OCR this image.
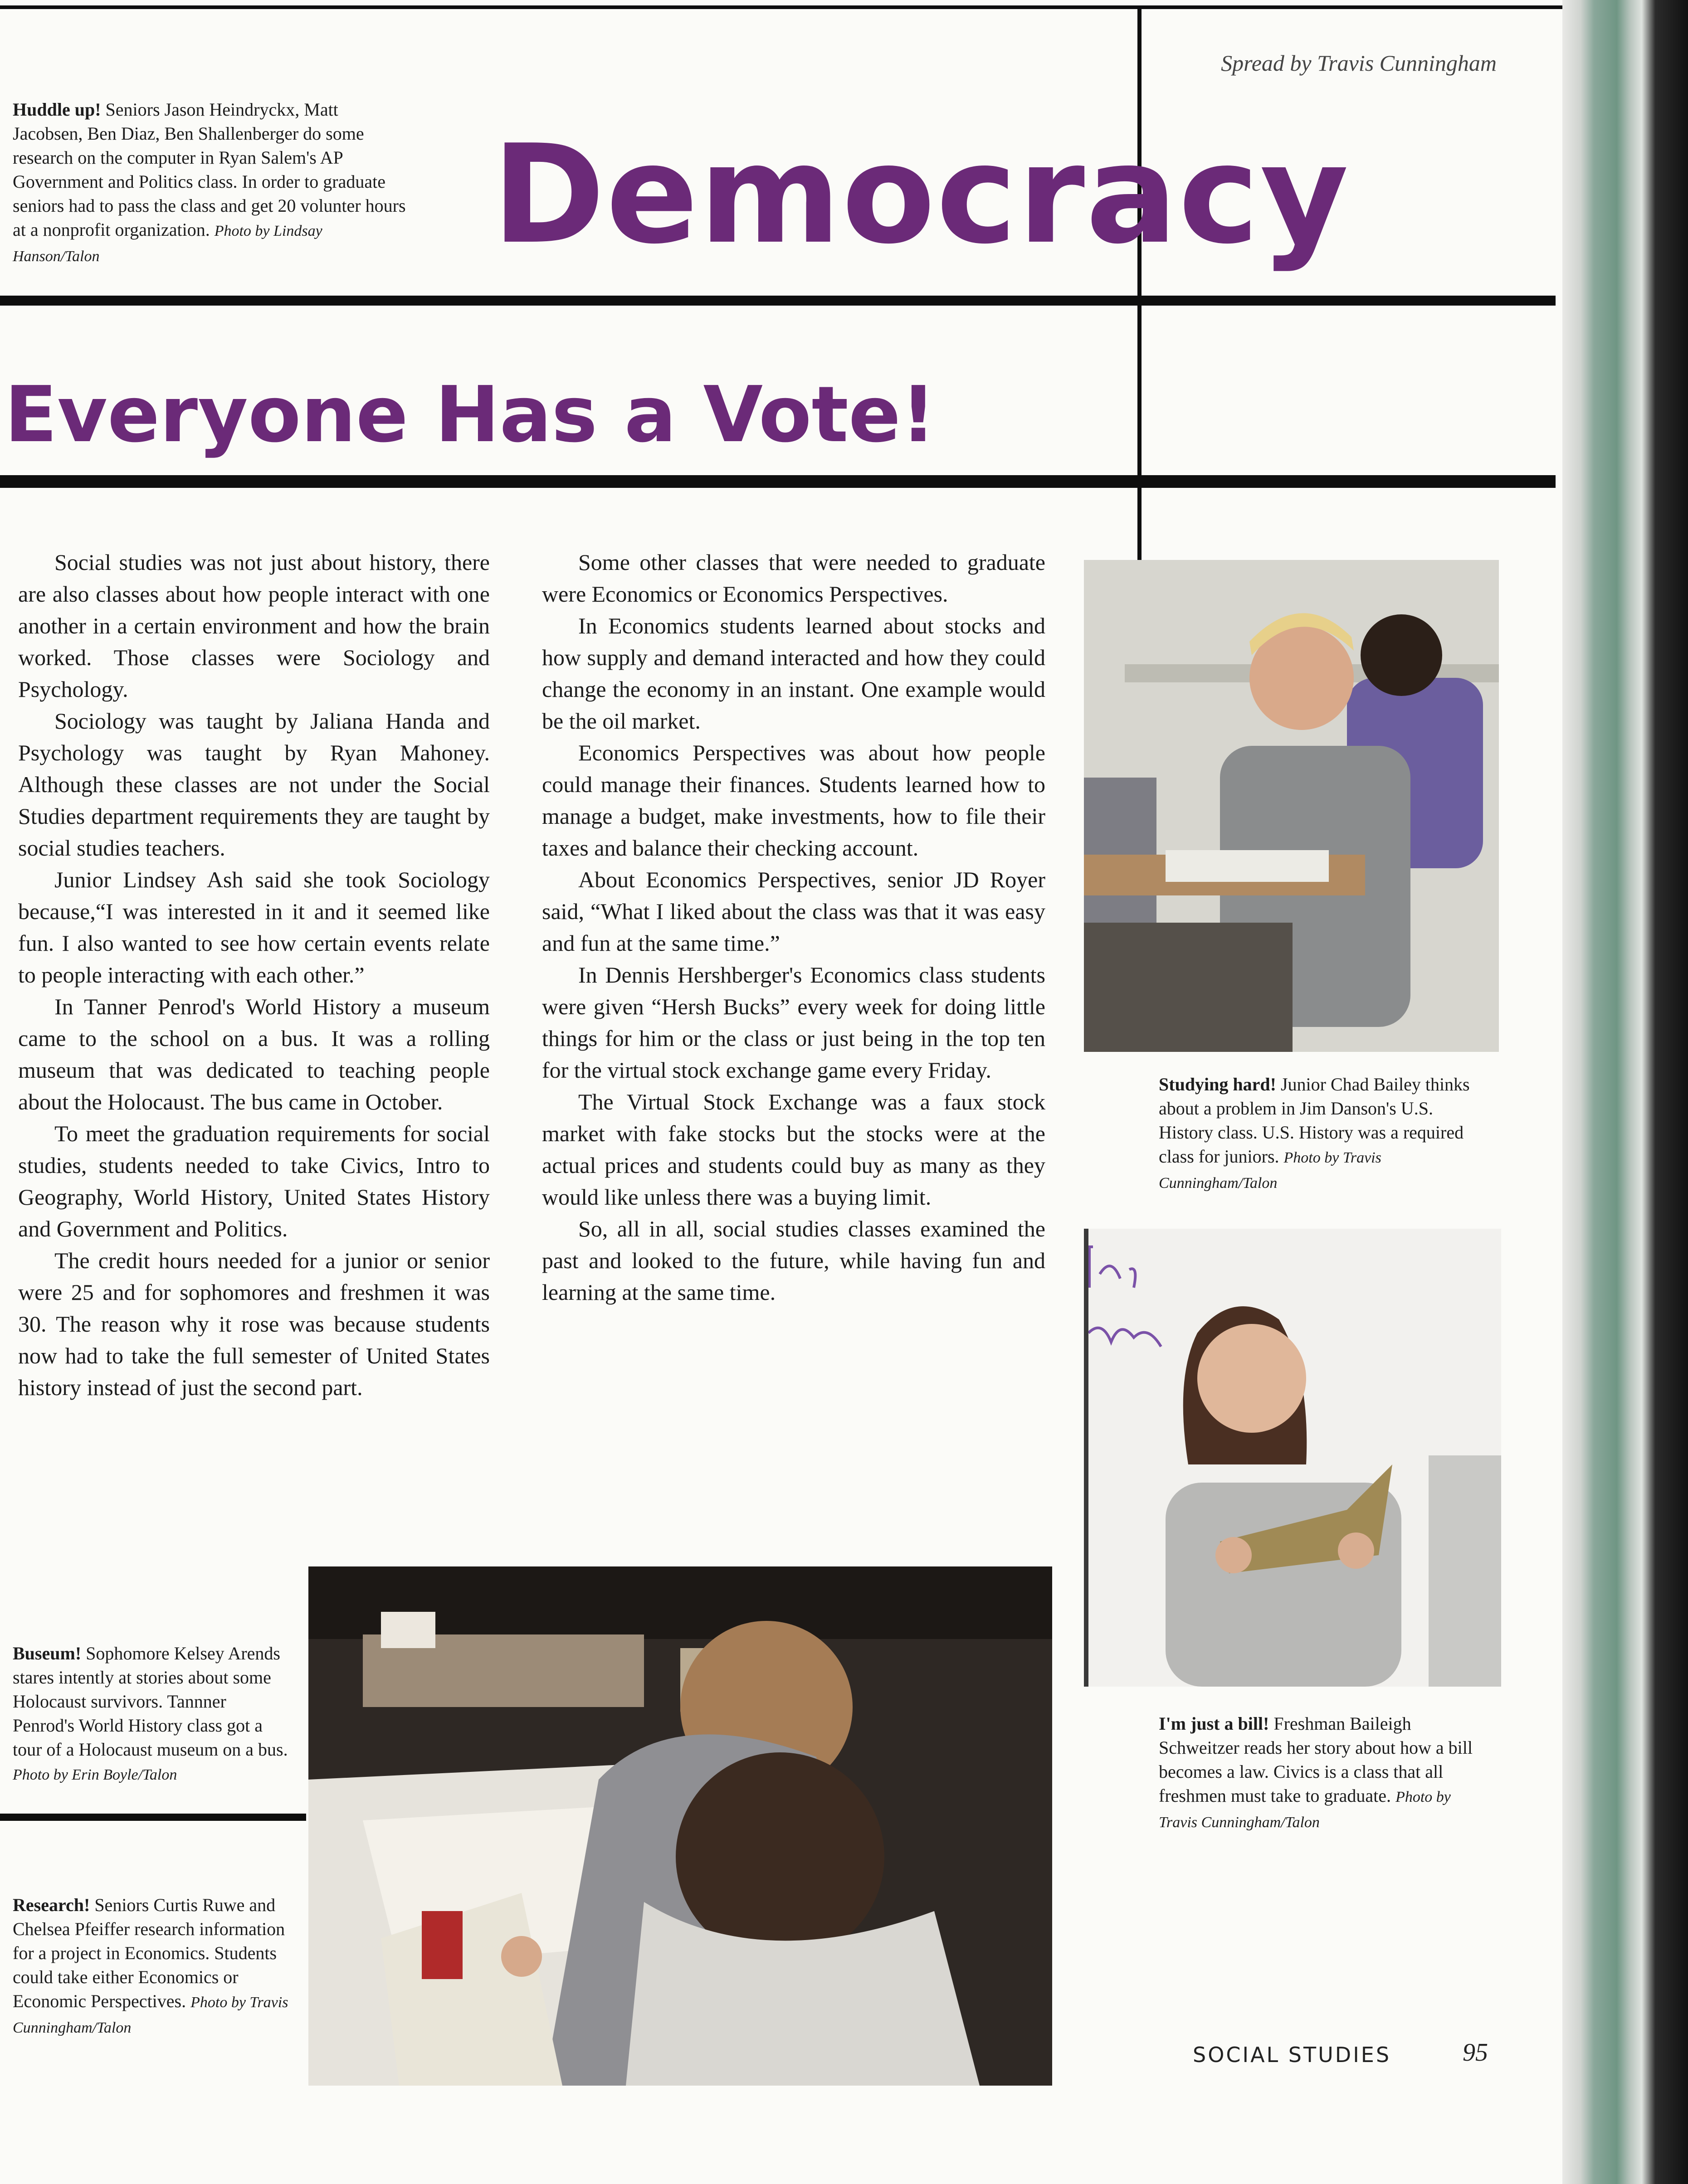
Spread by Travis Cunningham
Democracy
Huddle up! Seniors Jason Heindryckx, Matt Jacobsen, Ben Diaz, Ben Shallenberger do some research on the computer in Ryan Salem's AP Government and Politics class. In order to graduate seniors had to pass the class and get 20 volunter hours at a nonprofit organization. Photo by Lindsay Hanson/Talon
Everyone Has a Vote!

Social studies was not just about history, there are also classes about how people interact with one another in a certain environment and how the brain worked. Those classes were Sociology and Psychology.

Sociology was taught by Jaliana Handa and Psychology was taught by Ryan Mahoney. Although these classes are not under the Social Studies department requirements they are taught by social studies teachers.

Junior Lindsey Ash said she took Sociology because,“I was interested in it and it seemed like fun. I also wanted to see how certain events relate to people interacting with each other.”

In Tanner Penrod's World History a museum came to the school on a bus. It was a rolling museum that was dedicated to teaching people about the Holocaust. The bus came in October.

To meet the graduation requirements for social studies, students needed to take Civics, Intro to Geography, World History, United States History and Government and Politics.

The credit hours needed for a junior or senior were 25 and for sophomores and freshmen it was 30. The reason why it rose was because students now had to take the full semester of United States history instead of just the second part.

Some other classes that were needed to graduate were Economics or Economics Perspectives.

In Economics students learned about stocks and how supply and demand interacted and how they could change the economy in an instant. One example would be the oil market.

Economics Perspectives was about how people could manage their finances. Students learned how to manage a budget, make investments, how to file their taxes and balance their checking account.

About Economics Perspectives, senior JD Royer said, “What I liked about the class was that it was easy and fun at the same time.”

In Dennis Hershberger's Economics class students were given “Hersh Bucks” every week for doing little things for him or the class or just being in the top ten for the virtual stock exchange game every Friday.

The Virtual Stock Exchange was a faux stock market with fake stocks but the stocks were at the actual prices and students could buy as many as they would like unless there was a buying limit.

So, all in all, social studies classes examined the past and looked to the future, while having fun and learning at the same time.

Studying hard! Junior Chad Bailey thinks about a problem in Jim Danson's U.S. History class. U.S. History was a required class for juniors. Photo by Travis Cunningham/Talon
I'm just a bill! Freshman Baileigh Schweitzer reads her story about how a bill becomes a law. Civics is a class that all freshmen must take to graduate. Photo by Travis Cunningham/Talon
Buseum! Sophomore Kelsey Arends stares intently at stories about some Holocaust survivors. Tannner Penrod's World History class got a tour of a Holocaust museum on a bus. Photo by Erin Boyle/Talon
Research! Seniors Curtis Ruwe and Chelsea Pfeiffer research information for a project in Economics. Students could take either Economics or Economic Perspectives. Photo by Travis Cunningham/Talon
SOCIAL STUDIES	95
